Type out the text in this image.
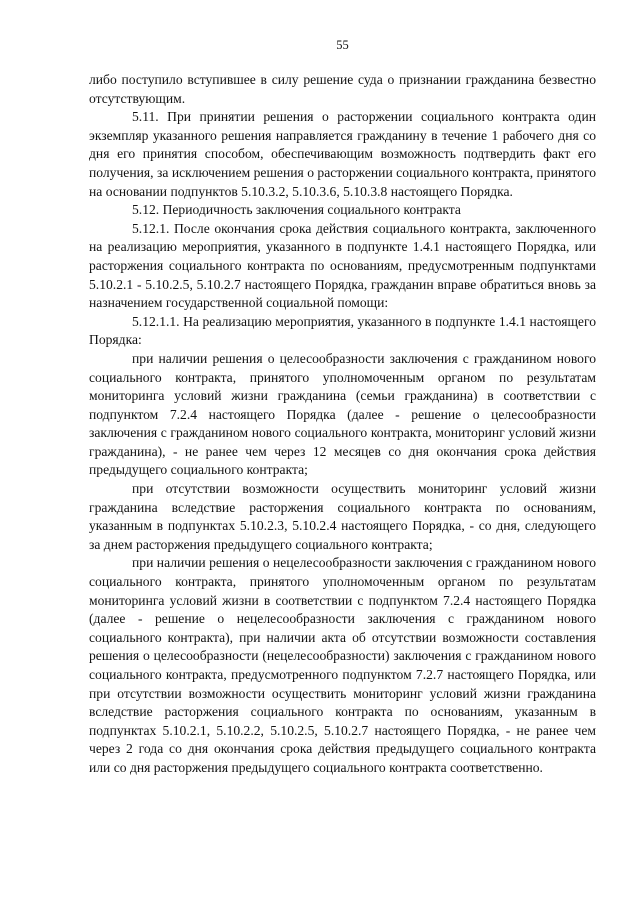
55

либо поступило вступившее в силу решение суда о признании гражданина безвестно отсутствующим.

5.11. При принятии решения о расторжении социального контракта один экземпляр указанного решения направляется гражданину в течение 1 рабочего дня со дня его принятия способом, обеспечивающим возможность подтвердить факт его получения, за исключением решения о расторжении социального контракта, принятого на основании подпунктов 5.10.3.2, 5.10.3.6, 5.10.3.8 настоящего Порядка.

5.12. Периодичность заключения социального контракта

5.12.1. После окончания срока действия социального контракта, заключенного на реализацию мероприятия, указанного в подпункте 1.4.1 настоящего Порядка, или расторжения социального контракта по основаниям, предусмотренным подпунктами 5.10.2.1 - 5.10.2.5, 5.10.2.7 настоящего Порядка, гражданин вправе обратиться вновь за назначением государственной социальной помощи:

5.12.1.1. На реализацию мероприятия, указанного в подпункте 1.4.1 настоящего Порядка:

при наличии решения о целесообразности заключения с гражданином нового социального контракта, принятого уполномоченным органом по результатам мониторинга условий жизни гражданина (семьи гражданина) в соответствии с подпунктом 7.2.4 настоящего Порядка (далее - решение о целесообразности заключения с гражданином нового социального контракта, мониторинг условий жизни гражданина), - не ранее чем через 12 месяцев со дня окончания срока действия предыдущего социального контракта;

при отсутствии возможности осуществить мониторинг условий жизни гражданина вследствие расторжения социального контракта по основаниям, указанным в подпунктах 5.10.2.3, 5.10.2.4 настоящего Порядка, - со дня, следующего за днем расторжения предыдущего социального контракта;

при наличии решения о нецелесообразности заключения с гражданином нового социального контракта, принятого уполномоченным органом по результатам мониторинга условий жизни в соответствии с подпунктом 7.2.4 настоящего Порядка (далее - решение о нецелесообразности заключения с гражданином нового социального контракта), при наличии акта об отсутствии возможности составления решения о целесообразности (нецелесообразности) заключения с гражданином нового социального контракта, предусмотренного подпунктом 7.2.7 настоящего Порядка, или при отсутствии возможности осуществить мониторинг условий жизни гражданина вследствие расторжения социального контракта по основаниям, указанным в подпунктах 5.10.2.1, 5.10.2.2, 5.10.2.5, 5.10.2.7 настоящего Порядка, - не ранее чем через 2 года со дня окончания срока действия предыдущего социального контракта или со дня расторжения предыдущего социального контракта соответственно.
